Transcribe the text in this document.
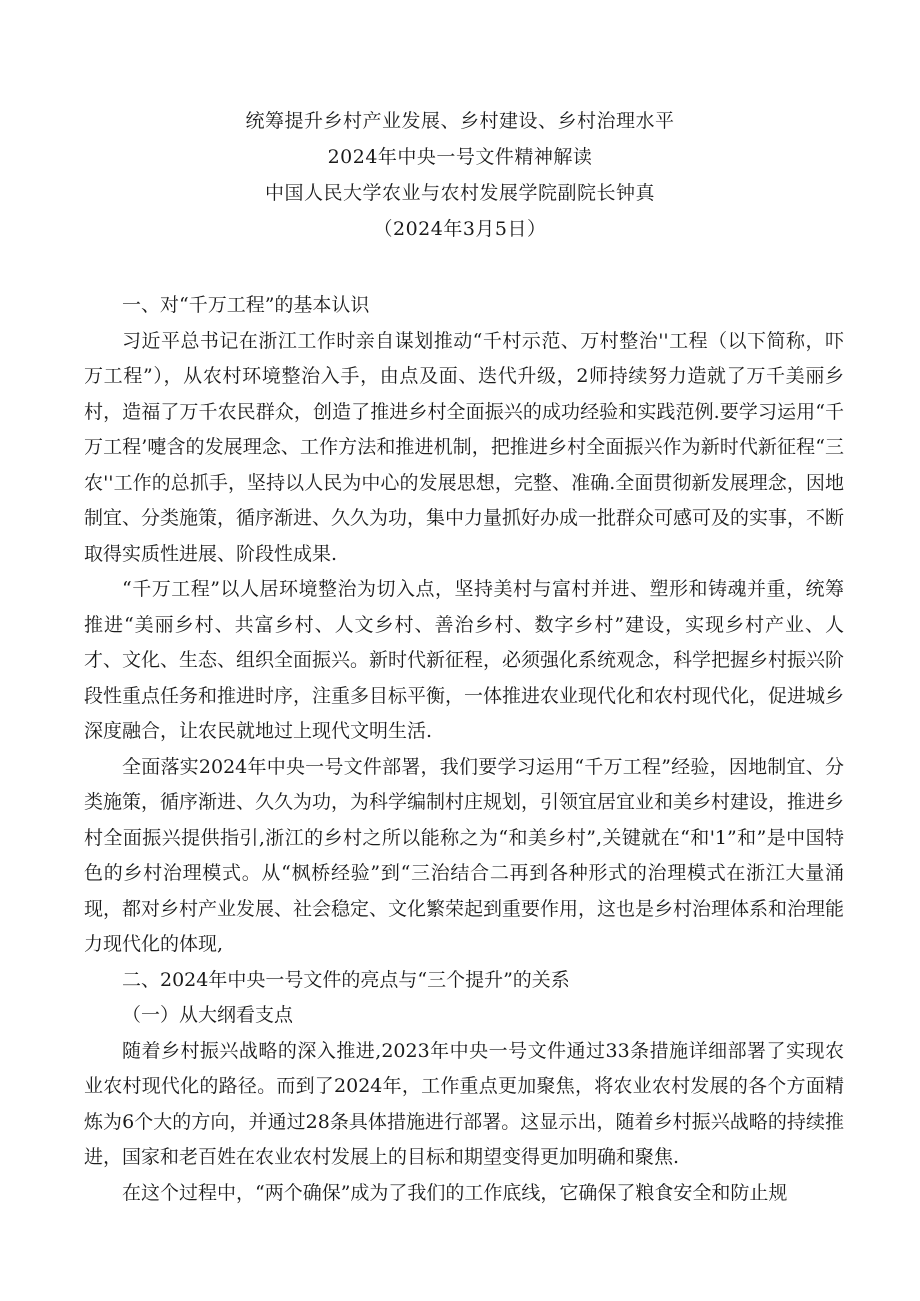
统筹提升乡村产业发展、乡村建设、乡村治理水平
2024年中央一号文件精神解读
中国人民大学农业与农村发展学院副院长钟真
（2024年3月5日）

一、对“千万工程”的基本认识

习近平总书记在浙江工作时亲自谋划推动“千村示范、万村整治''工程（以下简称，吓万工程”），从农村环境整治入手，由点及面、迭代升级，2师持续努力造就了万千美丽乡村，造福了万千农民群众，创造了推进乡村全面振兴的成功经验和实践范例.要学习运用“千万工程’嚏含的发展理念、工作方法和推进机制，把推进乡村全面振兴作为新时代新征程“三农''工作的总抓手，坚持以人民为中心的发展思想，完整、准确.全面贯彻新发展理念，因地制宜、分类施策，循序渐进、久久为功，集中力量抓好办成一批群众可感可及的实事，不断取得实质性进展、阶段性成果.

“千万工程”以人居环境整治为切入点，坚持美村与富村并进、塑形和铸魂并重，统筹推进“美丽乡村、共富乡村、人文乡村、善治乡村、数字乡村”建设，实现乡村产业、人才、文化、生态、组织全面振兴。新时代新征程，必须强化系统观念，科学把握乡村振兴阶段性重点任务和推进时序，注重多目标平衡，一体推进农业现代化和农村现代化，促进城乡深度融合，让农民就地过上现代文明生活.

全面落实2024年中央一号文件部署，我们要学习运用“千万工程”经验，因地制宜、分类施策，循序渐进、久久为功，为科学编制村庄规划，引领宜居宜业和美乡村建设，推进乡村全面振兴提供指引,浙江的乡村之所以能称之为“和美乡村”,关键就在“和'1”和”是中国特色的乡村治理模式。从“枫桥经验”到“三治结合二再到各种形式的治理模式在浙江大量涌现，都对乡村产业发展、社会稳定、文化繁荣起到重要作用，这也是乡村治理体系和治理能力现代化的体现,

二、2024年中央一号文件的亮点与“三个提升”的关系

（一）从大纲看支点

随着乡村振兴战略的深入推进,2023年中央一号文件通过33条措施详细部署了实现农业农村现代化的路径。而到了2024年，工作重点更加聚焦，将农业农村发展的各个方面精炼为6个大的方向，并通过28条具体措施进行部署。这显示出，随着乡村振兴战略的持续推进，国家和老百姓在农业农村发展上的目标和期望变得更加明确和聚焦.

在这个过程中，“两个确保”成为了我们的工作底线，它确保了粮食安全和防止规
